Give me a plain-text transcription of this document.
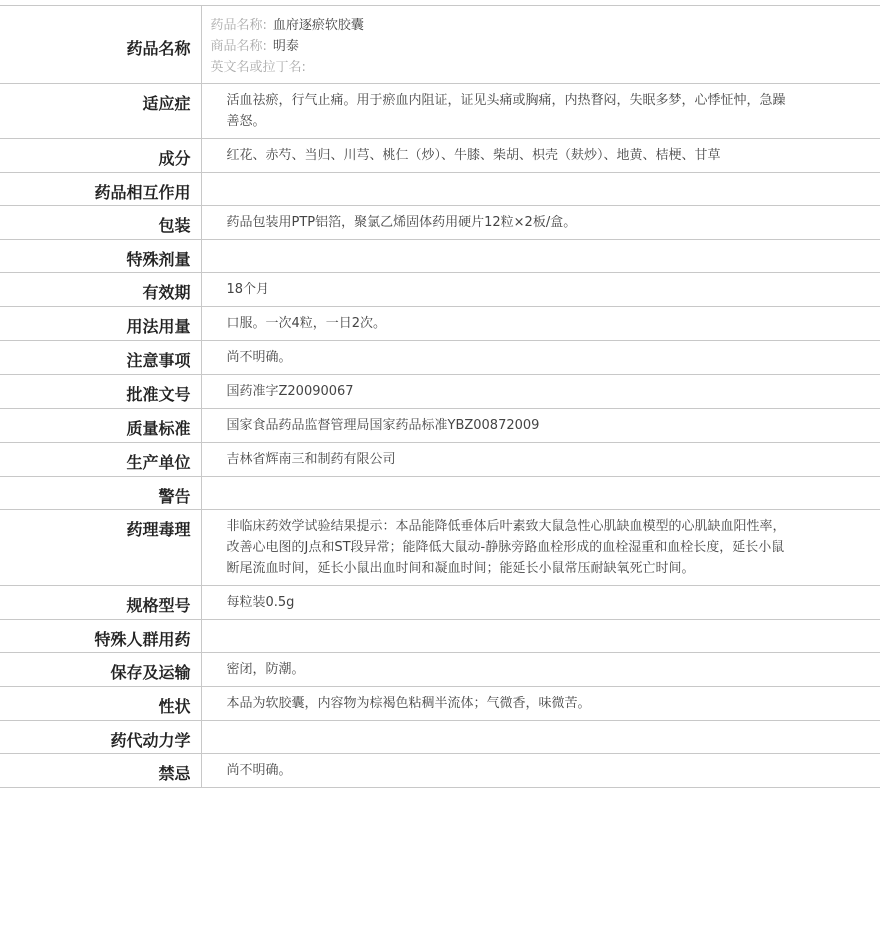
药品名称	药品名称: 血府逐瘀软胶囊
商品名称: 明泰
英文名或拉丁名:

适应症	活血祛瘀，行气止痛。用于瘀血内阻证，证见头痛或胸痛，内热瞀闷，失眠多梦，心悸怔忡，急躁善怒。
成分	红花、赤芍、当归、川芎、桃仁（炒）、牛膝、柴胡、枳壳（麸炒）、地黄、桔梗、甘草
药品相互作用	
包装	药品包装用PTP铝箔，聚氯乙烯固体药用硬片12粒×2板/盒。
特殊剂量	
有效期	18个月
用法用量	口服。一次4粒，一日2次。
注意事项	尚不明确。
批准文号	国药准字Z20090067
质量标准	国家食品药品监督管理局国家药品标准YBZ00872009
生产单位	吉林省辉南三和制药有限公司
警告	
药理毒理	非临床药效学试验结果提示：本品能降低垂体后叶素致大鼠急性心肌缺血模型的心肌缺血阳性率，改善心电图的J点和ST段异常；能降低大鼠动-静脉旁路血栓形成的血栓湿重和血栓长度，延长小鼠断尾流血时间，延长小鼠出血时间和凝血时间；能延长小鼠常压耐缺氧死亡时间。
规格型号	每粒装0.5g
特殊人群用药	
保存及运输	密闭，防潮。
性状	本品为软胶囊，内容物为棕褐色粘稠半流体；气微香，味微苦。
药代动力学	
禁忌	尚不明确。
